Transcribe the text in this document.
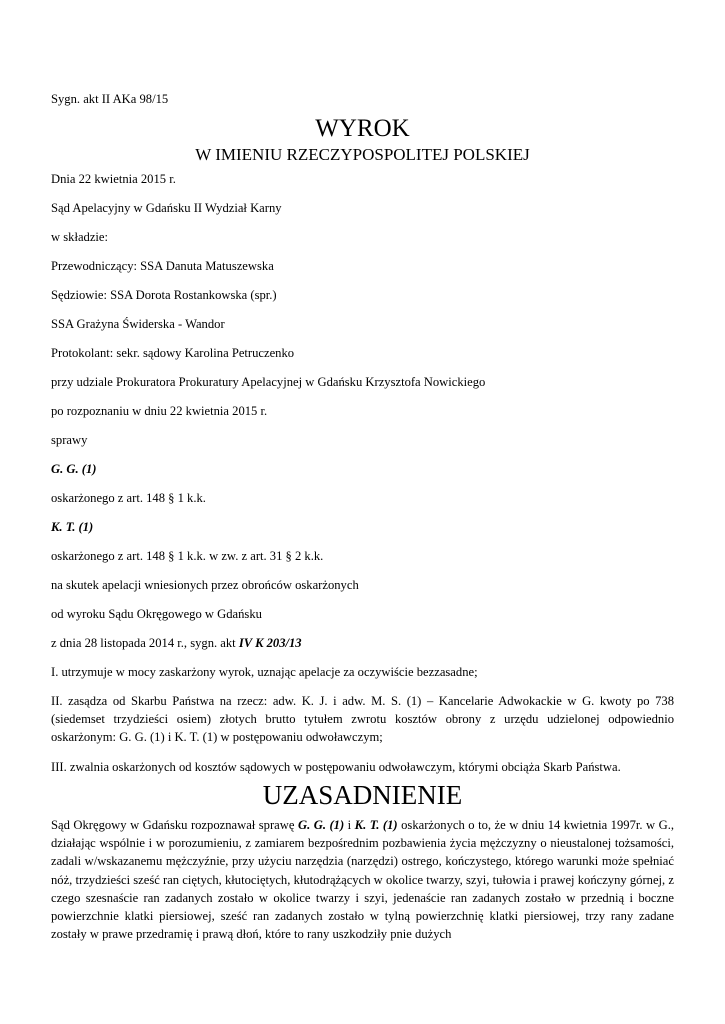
Sygn. akt II AKa 98/15
WYROK
W IMIENIU RZECZYPOSPOLITEJ POLSKIEJ
Dnia 22 kwietnia 2015 r.
Sąd Apelacyjny w Gdańsku II Wydział Karny
w składzie:
Przewodniczący: SSA Danuta Matuszewska
Sędziowie: SSA Dorota Rostankowska (spr.)
SSA Grażyna Świderska - Wandor
Protokolant: sekr. sądowy Karolina Petruczenko
przy udziale Prokuratora Prokuratury Apelacyjnej w Gdańsku Krzysztofa Nowickiego
po rozpoznaniu w dniu 22 kwietnia 2015 r.
sprawy
G. G. (1)
oskarżonego z art. 148 § 1 k.k.
K. T. (1)
oskarżonego z art. 148 § 1 k.k. w zw. z art. 31 § 2 k.k.
na skutek apelacji wniesionych przez obrońców oskarżonych
od wyroku Sądu Okręgowego w Gdańsku
z dnia 28 listopada 2014 r., sygn. akt IV K 203/13
I. utrzymuje w mocy zaskarżony wyrok, uznając apelacje za oczywiście bezzasadne;
II. zasądza od Skarbu Państwa na rzecz: adw. K. J. i adw. M. S. (1) – Kancelarie Adwokackie w G. kwoty po 738 (siedemset trzydzieści osiem) złotych brutto tytułem zwrotu kosztów obrony z urzędu udzielonej odpowiednio oskarżonym: G. G. (1) i K. T. (1) w postępowaniu odwoławczym;
III. zwalnia oskarżonych od kosztów sądowych w postępowaniu odwoławczym, którymi obciąża Skarb Państwa.
UZASADNIENIE
Sąd Okręgowy w Gdańsku rozpoznawał sprawę G. G. (1) i K. T. (1) oskarżonych o to, że w dniu 14 kwietnia 1997r. w G., działając wspólnie i w porozumieniu, z zamiarem bezpośrednim pozbawienia życia mężczyzny o nieustalonej tożsamości, zadali w/wskazanemu mężczyźnie, przy użyciu narzędzia (narzędzi) ostrego, kończystego, którego warunki może spełniać nóż, trzydzieści sześć ran ciętych, kłutociętych, kłutodrążących w okolice twarzy, szyi, tułowia i prawej kończyny górnej, z czego szesnaście ran zadanych zostało w okolice twarzy i szyi, jedenaście ran zadanych zostało w przednią i boczne powierzchnie klatki piersiowej, sześć ran zadanych zostało w tylną powierzchnię klatki piersiowej, trzy rany zadane zostały w prawe przedramię i prawą dłoń, które to rany uszkodziły pnie dużych
